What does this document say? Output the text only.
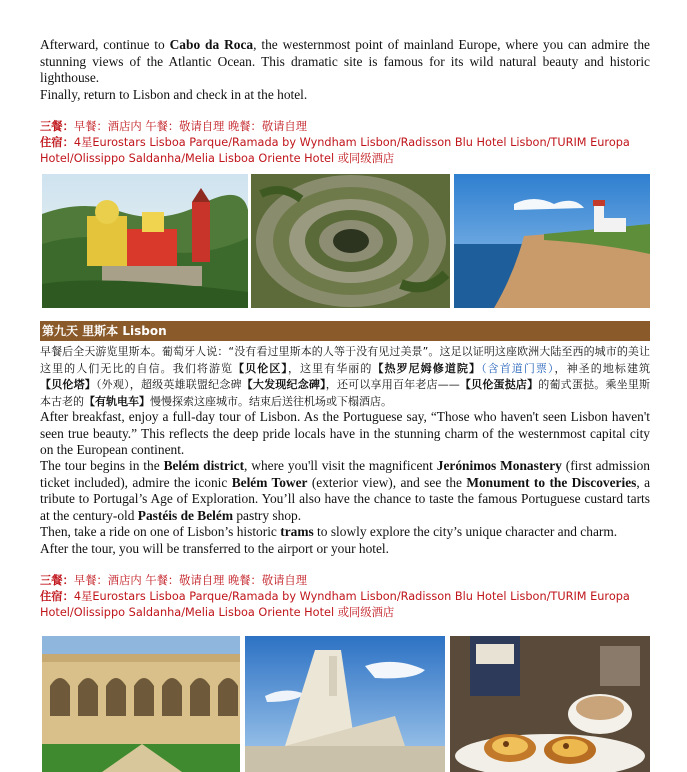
Afterward, continue to Cabo da Roca, the westernmost point of mainland Europe, where you can admire the stunning views of the Atlantic Ocean. This dramatic site is famous for its wild natural beauty and historic lighthouse.

Finally, return to Lisbon and check in at the hotel.

三餐：早餐：酒店内 午餐：敬请自理 晚餐：敬请自理

住宿：4星Eurostars Lisboa Parque/Ramada by Wyndham Lisbon/Radisson Blu Hotel Lisbon/TURIM Europa Hotel/Olissippo Saldanha/Melia Lisboa Oriente Hotel 或同级酒店

第九天 里斯本 Lisbon

早餐后全天游览里斯本。葡萄牙人说：“没有看过里斯本的人等于没有见过美景”。这足以证明这座欧洲大陆至西的城市的美让这里的人们无比的自信。我们将游览【贝伦区】，这里有华丽的【热罗尼姆修道院】（含首道门票），神圣的地标建筑【贝伦塔】（外观），超级英雄联盟纪念碑【大发现纪念碑】，还可以享用百年老店——【贝伦蛋挞店】的葡式蛋挞。乘坐里斯本古老的【有轨电车】慢慢探索这座城市。结束后送往机场或下榻酒店。

After breakfast, enjoy a full-day tour of Lisbon. As the Portuguese say, “Those who haven't seen Lisbon haven't seen true beauty.” This reflects the deep pride locals have in the stunning charm of the westernmost capital city on the European continent.

The tour begins in the Belém district, where you'll visit the magnificent Jerónimos Monastery (first admission ticket included), admire the iconic Belém Tower (exterior view), and see the Monument to the Discoveries, a tribute to Portugal’s Age of Exploration. You’ll also have the chance to taste the famous Portuguese custard tarts at the century-old Pastéis de Belém pastry shop.

Then, take a ride on one of Lisbon’s historic trams to slowly explore the city’s unique character and charm.

After the tour, you will be transferred to the airport or your hotel.

三餐：早餐：酒店内 午餐：敬请自理 晚餐：敬请自理

住宿：4星Eurostars Lisboa Parque/Ramada by Wyndham Lisbon/Radisson Blu Hotel Lisbon/TURIM Europa Hotel/Olissippo Saldanha/Melia Lisboa Oriente Hotel 或同级酒店
